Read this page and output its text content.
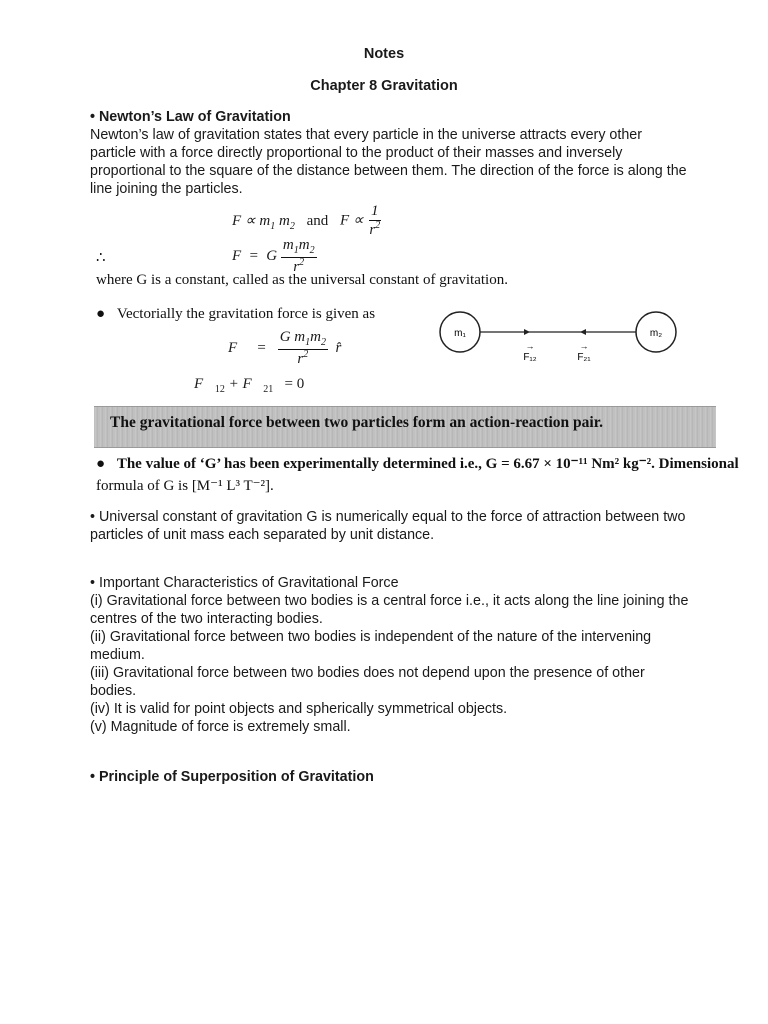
Notes
Chapter 8 Gravitation

• Newton’s Law of Gravitation

Newton’s law of gravitation states that every particle in the universe attracts every other particle with a force directly proportional to the product of their masses and inversely proportional to the square of the distance between them. The direction of the force is along the line joining the particles.

$F \propto m_1$ $m_2$ and $F \propto \frac{1}{r^2}$
∴	F  =  G $\frac{m_1m_2}{r^2}$
where G is a constant, called as the universal constant of gravitation.
● Vectorially the gravitation force is given as
F⃗  = $\frac{G m_1m_2}{r^2}$ r̂
$F⃗_{12}$ + $F⃗_{21} = 0$
m₁	m₂
→
F₁₂
→
F₂₁
The gravitational force between two particles form an action-reaction pair.
● The value of ‘G’ has been experimentally determined i.e., G = 6.67 × 10⁻¹¹ Nm² kg⁻². Dimensional
formula of G is [M⁻¹ L³ T⁻²].

• Universal constant of gravitation G is numerically equal to the force of attraction between two particles of unit mass each separated by unit distance.

• Important Characteristics of Gravitational Force

(i) Gravitational force between two bodies is a central force i.e., it acts along the line joining the centres of the two interacting bodies.

(ii) Gravitational force between two bodies is independent of the nature of the intervening medium.

(iii) Gravitational force between two bodies does not depend upon the presence of other bodies.

(iv) It is valid for point objects and spherically symmetrical objects.

(v) Magnitude of force is extremely small.

• Principle of Superposition of Gravitation
